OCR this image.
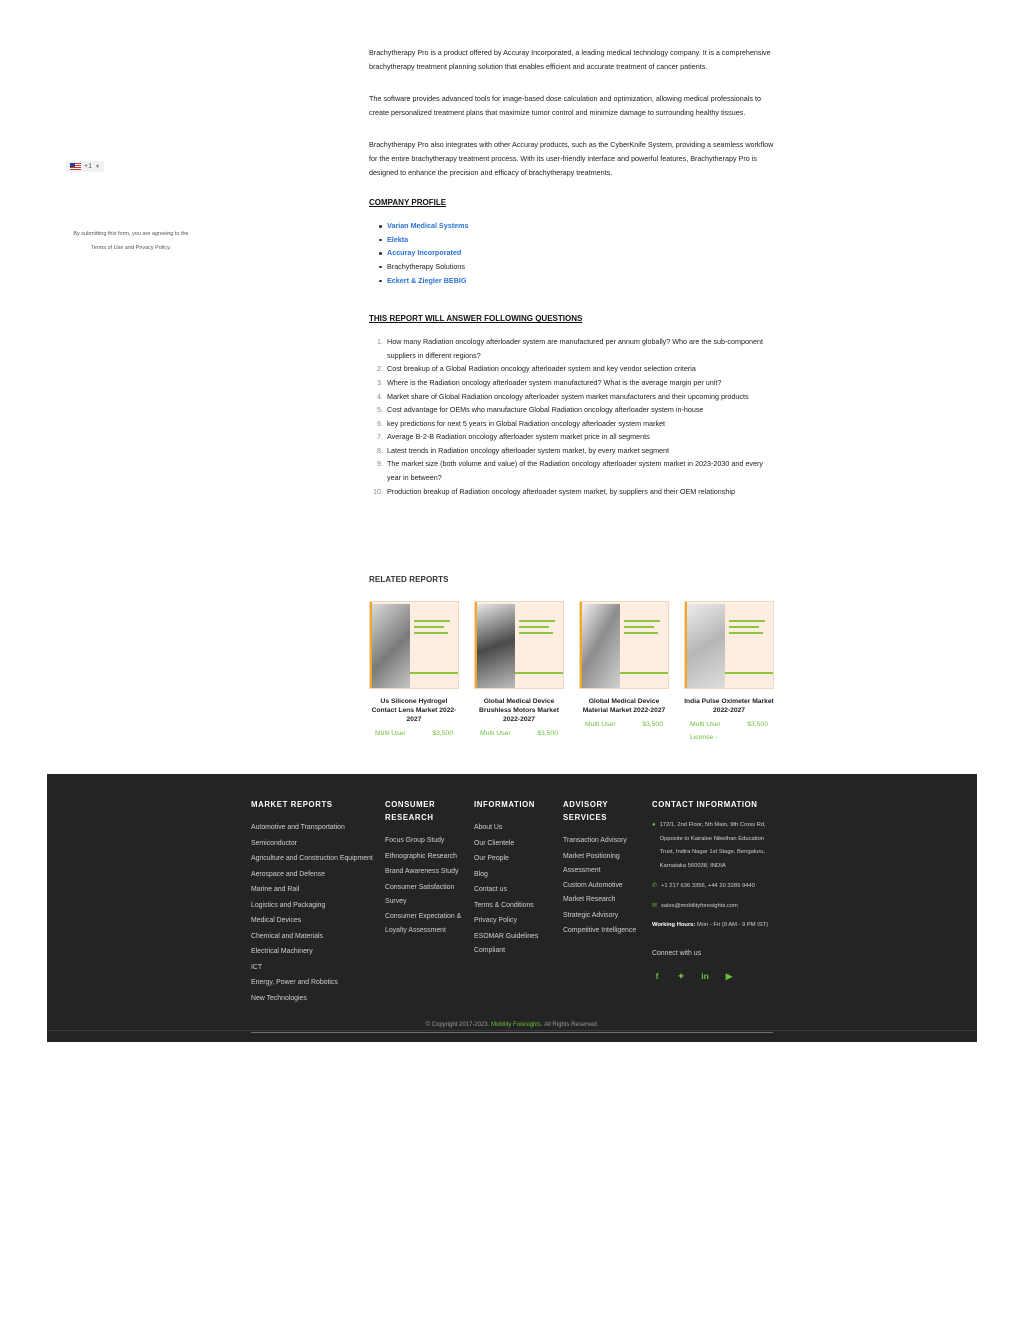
+1 ▼
By submitting this form, you are agreeing to the Terms of Use and Privacy Policy.

Brachytherapy Pro is a product offered by Accuray Incorporated, a leading medical technology company. It is a comprehensive brachytherapy treatment planning solution that enables efficient and accurate treatment of cancer patients.

The software provides advanced tools for image-based dose calculation and optimization, allowing medical professionals to create personalized treatment plans that maximize tumor control and minimize damage to surrounding healthy tissues.

Brachytherapy Pro also integrates with other Accuray products, such as the CyberKnife System, providing a seamless workflow for the entire brachytherapy treatment process. With its user-friendly interface and powerful features, Brachytherapy Pro is designed to enhance the precision and efficacy of brachytherapy treatments.

COMPANY PROFILE
Varian Medical Systems
Elekta
Accuray Incorporated
Brachytherapy Solutions
Eckert & Ziegler BEBIG
THIS REPORT WILL ANSWER FOLLOWING QUESTIONS
1. How many Radiation oncology afterloader system are manufactured per annum globally? Who are the sub-component suppliers in different regions?
2. Cost breakup of a Global Radiation oncology afterloader system and key vendor selection criteria
3. Where is the Radiation oncology afterloader system manufactured? What is the average margin per unit?
4. Market share of Global Radiation oncology afterloader system market manufacturers and their upcoming products
5. Cost advantage for OEMs who manufacture Global Radiation oncology afterloader system in-house
6. key predictions for next 5 years in Global Radiation oncology afterloader system market
7. Average B-2-B Radiation oncology afterloader system market price in all segments
8. Latest trends in Radiation oncology afterloader system market, by every market segment
9. The market size (both volume and value) of the Radiation oncology afterloader system market in 2023-2030 and every year in between?
10. Production breakup of Radiation oncology afterloader system market, by suppliers and their OEM relationship
RELATED REPORTS
Us Silicone Hydrogel Contact Lens Market 2022-2027
Multi User	$3,500
Global Medical Device Brushless Motors Market 2022-2027
Multi User	$3,500
Global Medical Device Material Market 2022-2027
Multi User	$3,500
India Pulse Oximeter Market 2022-2027
Multi User	$3,500
License -
MARKET REPORTS
Automotive and Transportation
Semiconductor
Agriculture and Construction Equipment
Aerospace and Defense
Marine and Rail
Logistics and Packaging
Medical Devices
Chemical and Materials
Electrical Machinery
ICT
Energy, Power and Robotics
New Technologies
CONSUMER RESEARCH
Focus Group Study
Ethnographic Research
Brand Awareness Study
Consumer Satisfaction Survey
Consumer Expectation & Loyalty Assessment
INFORMATION
About Us
Our Clientele
Our People
Blog
Contact us
Terms & Conditions
Privacy Policy
ESOMAR Guidelines Compliant
ADVISORY SERVICES
Transaction Advisory
Market Positioning Assessment
Custom Automotive Market Research
Strategic Advisory
Competitive Intelligence
CONTACT INFORMATION
● 172/1, 2nd Floor, 5th Main, 9th Cross Rd, Opposite to Kairalee Nikethan Education Trust, Indira Nagar 1st Stage, Bengaluru, Karnataka 560038, INDIA
✆ +1 217 636 3356, +44 20 3289 9440
✉ sales@mobilityforesights.com
Working Hours: Mon - Fri (9 AM - 9 PM IST)
Connect with us
f	✦ in ▶
© Copyright 2017-2023. Mobility Foresights. All Rights Reserved.
